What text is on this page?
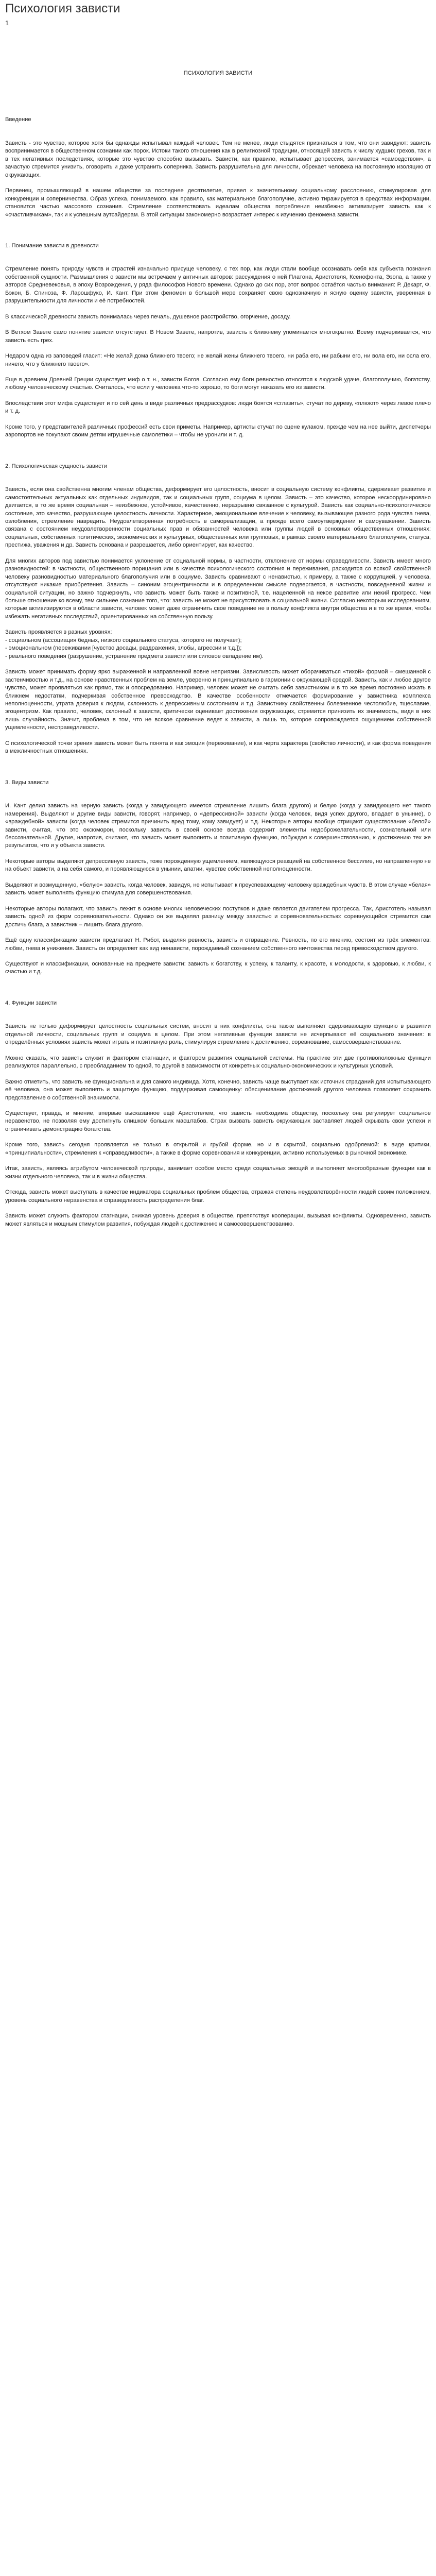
Психология зависти
1

ПСИХОЛОГИЯ ЗАВИСТИ

Введение

Зависть - это чувство, которое хотя бы однажды испытывал каждый человек. Тем не менее, люди стыдятся признаться в том, что они завидуют: зависть воспринимается в общественном сознании как порок. Истоки такого отношения как в религиозной традиции, относящей зависть к числу худших грехов, так и в тех негативных последствиях, которые это чувство способно вызывать. Зависти, как правило, испытывает депрессия, занимается «самоедством», а зачастую стремится унизить, оговорить и даже устранить соперника. Зависть разрушительна для личности, обрекает человека на постоянную изоляцию от окружающих.

Первенец, промышляющий в нашем обществе за последнее десятилетие, привел к значительному социальному расслоению, стимулировав для конкуренции и соперничества. Образ успеха, понимаемого, как правило, как материальное благополучие, активно тиражируется в средствах информации, становится частью массового сознания. Стремление соответствовать идеалам общества потребления неизбежно активизирует зависть как к «счастливчикам», так и к успешным аутсайдерам. В этой ситуации закономерно возрастает интерес к изучению феномена зависти.

1. Понимание зависти в древности

Стремление понять природу чувств и страстей изначально присуще человеку, с тех пор, как люди стали вообще осознавать себя как субъекта познания собственной сущности. Размышления о зависти мы встречаем у античных авторов: рассуждения о ней Платона, Аристотеля, Ксенофонта, Эзопа, а также у авторов Средневековья, в эпоху Возрождения, у ряда философов Нового времени. Однако до сих пор, этот вопрос остаётся частью внимания: Р. Декарт, Ф. Бэкон, Б. Спиноза, Ф. Ларошфуко, И. Кант. При этом феномен в большой мере сохраняет свою однозначную и ясную оценку зависти, уверенная в разрушительности для личности и её потребностей.

В классической древности зависть понималась через печаль, душевное расстройство, огорчение, досаду.

В Ветхом Завете само понятие зависти отсутствует. В Новом Завете, напротив, зависть к ближнему упоминается многократно. Всему подчеркивается, что зависть есть грех.

Недаром одна из заповедей гласит: «Не желай дома ближнего твоего; не желай жены ближнего твоего, ни раба его, ни рабыни его, ни вола его, ни осла его, ничего, что у ближнего твоего».

Еще в древнем Древней Греции существует миф о т. н., зависти Богов. Согласно ему боги ревностно относятся к людской удаче, благополучию, богатству, любому человеческому счастью. Считалось, что если у человека что-то хорошо, то боги могут наказать его из зависти.

Впоследствии этот мифа существует и по сей день в виде различных предрассудков: люди боятся «сглазить», стучат по дереву, «плюют» через левое плечо и т. д.

Кроме того, у представителей различных профессий есть свои приметы. Например, артисты стучат по сцене кулаком, прежде чем на нее выйти, диспетчеры аэропортов не покупают своим детям игрушечные самолетики – чтобы не уронили и т. д.

2. Психологическая сущность зависти

Зависть, если она свойственна многим членам общества, деформирует его целостность, вносит в социальную систему конфликты, сдерживает развитие и самостоятельных актуальных как отдельных индивидов, так и социальных групп, социума в целом. Зависть – это качество, которое нескоординировано двигается, в то же время социальная – неизбежное, устойчивое, качественно, неразрывно связанное с культурой. Зависть как социально-психологическое состояние, это качество, разрушающее целостность личности. Характерное, эмоциональное влечение к человеку, вызывающее разного рода чувства гнева, озлобления, стремление навредить. Неудовлетворенная потребность в самореализации, а прежде всего самоутверждении и самоуважении. Зависть связана с состоянием неудовлетворенности социальных прав и обязанностей человека или группы людей в основных общественных отношениях: социальных, собственных политических, экономических и культурных, общественных или групповых, в рамках своего материального благополучия, статуса, престижа, уважения и др. Зависть основана и разрешается, либо ориентирует, как качество.

Для многих авторов под завистью понимается уклонение от социальной нормы, в частности, отклонение от нормы справедливости. Зависть имеет много разновидностей: в частности, общественного порицания или в качестве психологического состояния и переживания, расходится со всякой свойственной человеку разновидностью материального благополучия или в социуме. Зависть сравнивают с ненавистью, к примеру, а также с коррупцией, у человека, отсутствуют никакие приобретения. Зависть – синоним эгоцентричности и в определенном смысле подвергается, в частности, повседневной жизни и социальной ситуации, но важно подчеркнуть, что зависть может быть также и позитивной, т.е. нацеленной на некое развитие или некий прогресс. Чем больше отношение ко всему, тем сильнее сознание того, что: зависть не может не присутствовать в социальной жизни. Согласно некоторым исследованиям, которые активизируются в области зависти, человек может даже ограничить свое поведение не в пользу конфликта внутри общества и в то же время, чтобы избежать негативных последствий, ориентированных на собственную пользу.

Зависть проявляется в разных уровнях:

- социальном (ассоциация бедных, низкого социального статуса, которого не получает);

- эмоциональном (переживании [чувство досады, раздражения, злобы, агрессии и т.д.]);

- реального поведения (разрушение, устранение предмета зависти или силовое овладение им).

Зависть может принимать форму ярко выраженной и направленной вовне неприязни. Зависливость может оборачиваться «тихой» формой – смешанной с застенчивостью и т.д., на основе нравственных проблем на земле, уверенно и принципиально в гармонии с окружающей средой. Зависть, как и любое другое чувство, может проявляться как прямо, так и опосредованно. Например, человек может не считать себя завистником и в то же время постоянно искать в ближнем недостатки, подчеркивая собственное превосходство. В качестве особенности отмечается формирование у завистника комплекса неполноценности, утрата доверия к людям, склонность к депрессивным состояниям и т.д. Завистнику свойственны болезненное честолюбие, тщеславие, эгоцентризм. Как правило, человек, склонный к зависти, критически оценивает достижения окружающих, стремится принизить их значимость, видя в них лишь случайность. Значит, проблема в том, что не всякое сравнение ведет к зависти, а лишь то, которое сопровождается ощущением собственной ущемленности, несправедливости.

С психологической точки зрения зависть может быть понята и как эмоция (переживание), и как черта характера (свойство личности), и как форма поведения в межличностных отношениях.

3. Виды зависти

И. Кант делил зависть на черную зависть (когда у завидующего имеется стремление лишить блага другого) и белую (когда у завидующего нет такого намерения). Выделяют и другие виды зависти, говорят, например, о «депрессивной» зависти (когда человек, видя успех другого, впадает в уныние), о «враждебной» зависти (когда человек стремится причинить вред тому, кому завидует) и т.д. Некоторые авторы вообще отрицают существование «белой» зависти, считая, что это оксюморон, поскольку зависть в своей основе всегда содержит элементы недоброжелательности, сознательной или бессознательной. Другие, напротив, считают, что зависть может выполнять и позитивную функцию, побуждая к совершенствованию, к достижению тех же результатов, что и у объекта зависти.

Некоторые авторы выделяют депрессивную зависть, тоже порожденную ущемлением, являющуюся реакцией на собственное бессилие, но направленную не на объект зависти, а на себя самого, и проявляющуюся в унынии, апатии, чувстве собственной неполноценности.

Выделяют и возмущенную, «белую» зависть, когда человек, завидуя, не испытывает к преуспевающему человеку враждебных чувств. В этом случае «белая» зависть может выполнять функцию стимула для совершенствования.

Некоторые авторы полагают, что зависть лежит в основе многих человеческих поступков и даже является двигателем прогресса. Так, Аристотель называл зависть одной из форм соревновательности. Однако он же выделял разницу между завистью и соревновательностью: соревнующийся стремится сам достичь блага, а завистник – лишить блага другого.

Ещё одну классификацию зависти предлагает Н. Рибот, выделяя ревность, зависть и отвращение. Ревность, по его мнению, состоит из трёх элементов: любви, гнева и унижения. Зависть он определяет как вид ненависти, порождаемый сознанием собственного ничтожества перед превосходством другого.

Существуют и классификации, основанные на предмете зависти: зависть к богатству, к успеху, к таланту, к красоте, к молодости, к здоровью, к любви, к счастью и т.д.

4. Функции зависти

Зависть не только деформирует целостность социальных систем, вносит в них конфликты, она также выполняет сдерживающую функцию в развитии отдельной личности, социальных групп и социума в целом. При этом негативные функции зависти не исчерпывают её социального значения: в определённых условиях зависть может играть и позитивную роль, стимулируя стремление к достижению, соревнование, самосовершенствование.

Можно сказать, что зависть служит и фактором стагнации, и фактором развития социальной системы. На практике эти две противоположные функции реализуются параллельно, с преобладанием то одной, то другой в зависимости от конкретных социально-экономических и культурных условий.

Важно отметить, что зависть не функциональна и для самого индивида. Хотя, конечно, зависть чаще выступает как источник страданий для испытывающего её человека, она может выполнять и защитную функцию, поддерживая самооценку: обесценивание достижений другого человека позволяет сохранить представление о собственной значимости.

Существует, правда, и мнение, впервые высказанное ещё Аристотелем, что зависть необходима обществу, поскольку она регулирует социальное неравенство, не позволяя ему достигнуть слишком больших масштабов. Страх вызвать зависть окружающих заставляет людей скрывать свои успехи и ограничивать демонстрацию богатства.

Кроме того, зависть сегодня проявляется не только в открытой и грубой форме, но и в скрытой, социально одобряемой: в виде критики, «принципиальности», стремления к «справедливости», а также в форме соревнования и конкуренции, активно используемых в рыночной экономике.

Итак, зависть, являясь атрибутом человеческой природы, занимает особое место среди социальных эмоций и выполняет многообразные функции как в жизни отдельного человека, так и в жизни общества.

Отсюда, зависть может выступать в качестве индикатора социальных проблем общества, отражая степень неудовлетворённости людей своим положением, уровень социального неравенства и справедливость распределения благ.

Зависть может служить фактором стагнации, снижая уровень доверия в обществе, препятствуя кооперации, вызывая конфликты. Одновременно, зависть может являться и мощным стимулом развития, побуждая людей к достижению и самосовершенствованию.
